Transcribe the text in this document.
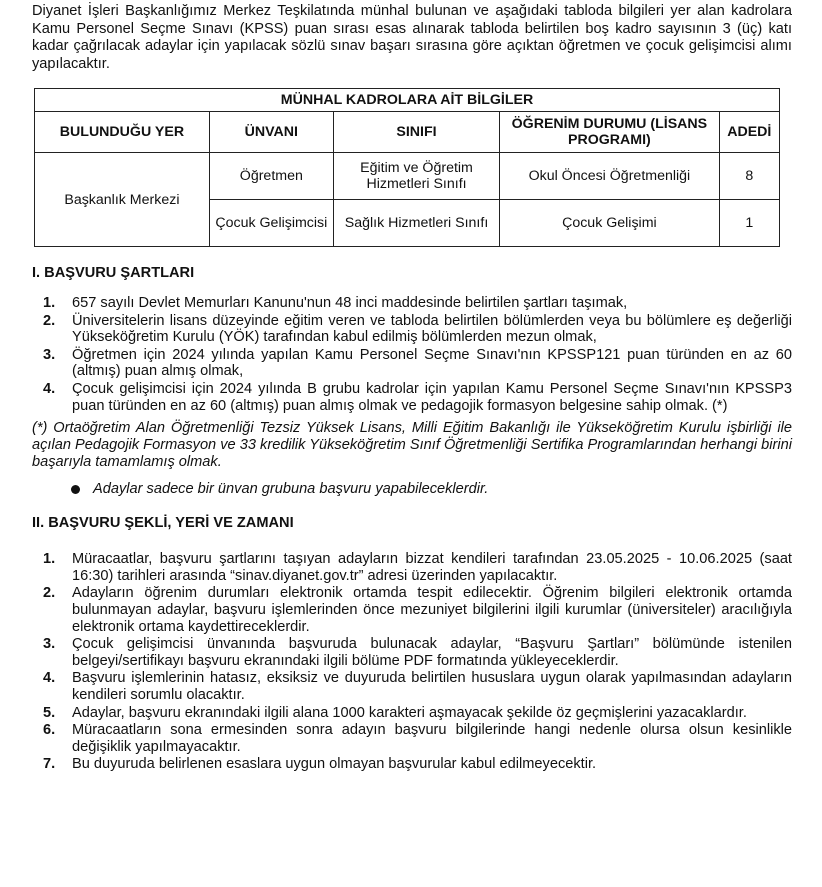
Diyanet İşleri Başkanlığımız Merkez Teşkilatında münhal bulunan ve aşağıdaki tabloda bilgileri yer alan kadrolara Kamu Personel Seçme Sınavı (KPSS) puan sırası esas alınarak tabloda belirtilen boş kadro sayısının 3 (üç) katı kadar çağrılacak adaylar için yapılacak sözlü sınav başarı sırasına göre açıktan öğretmen ve çocuk gelişimcisi alımı yapılacaktır.

MÜNHAL KADROLARA AİT BİLGİLER				
BULUNDUĞU YER	ÜNVANI	SINIFI	ÖĞRENİM DURUMU (LİSANS PROGRAMI)	ADEDİ
Başkanlık Merkezi	Öğretmen	Eğitim ve Öğretim Hizmetleri Sınıfı	Okul Öncesi Öğretmenliği	8
	Çocuk Gelişimcisi	Sağlık Hizmetleri Sınıfı	Çocuk Gelişimi	1

I. BAŞVURU ŞARTLARI

1. 657 sayılı Devlet Memurları Kanunu'nun 48 inci maddesinde belirtilen şartları taşımak,
2. Üniversitelerin lisans düzeyinde eğitim veren ve tabloda belirtilen bölümlerden veya bu bölümlere eş değerliği Yükseköğretim Kurulu (YÖK) tarafından kabul edilmiş bölümlerden mezun olmak,
3. Öğretmen için 2024 yılında yapılan Kamu Personel Seçme Sınavı'nın KPSSP121 puan türünden en az 60 (altmış) puan almış olmak,
4. Çocuk gelişimcisi için 2024 yılında B grubu kadrolar için yapılan Kamu Personel Seçme Sınavı'nın KPSSP3 puan türünden en az 60 (altmış) puan almış olmak ve pedagojik formasyon belgesine sahip olmak. (*)

(*) Ortaöğretim Alan Öğretmenliği Tezsiz Yüksek Lisans, Milli Eğitim Bakanlığı ile Yükseköğretim Kurulu işbirliği ile açılan Pedagojik Formasyon ve 33 kredilik Yükseköğretim Sınıf Öğretmenliği Sertifika Programlarından herhangi birini başarıyla tamamlamış olmak.

Adaylar sadece bir ünvan grubuna başvuru yapabileceklerdir.

II. BAŞVURU ŞEKLİ, YERİ VE ZAMANI

1. Müracaatlar, başvuru şartlarını taşıyan adayların bizzat kendileri tarafından 23.05.2025 - 10.06.2025 (saat 16:30) tarihleri arasında “sinav.diyanet.gov.tr” adresi üzerinden yapılacaktır.
2. Adayların öğrenim durumları elektronik ortamda tespit edilecektir. Öğrenim bilgileri elektronik ortamda bulunmayan adaylar, başvuru işlemlerinden önce mezuniyet bilgilerini ilgili kurumlar (üniversiteler) aracılığıyla elektronik ortama kaydettireceklerdir.
3. Çocuk gelişimcisi ünvanında başvuruda bulunacak adaylar, “Başvuru Şartları” bölümünde istenilen belgeyi/sertifikayı başvuru ekranındaki ilgili bölüme PDF formatında yükleyeceklerdir.
4. Başvuru işlemlerinin hatasız, eksiksiz ve duyuruda belirtilen hususlara uygun olarak yapılmasından adayların kendileri sorumlu olacaktır.
5. Adaylar, başvuru ekranındaki ilgili alana 1000 karakteri aşmayacak şekilde öz geçmişlerini yazacaklardır.
6. Müracaatların sona ermesinden sonra adayın başvuru bilgilerinde hangi nedenle olursa olsun kesinlikle değişiklik yapılmayacaktır.
7. Bu duyuruda belirlenen esaslara uygun olmayan başvurular kabul edilmeyecektir.
